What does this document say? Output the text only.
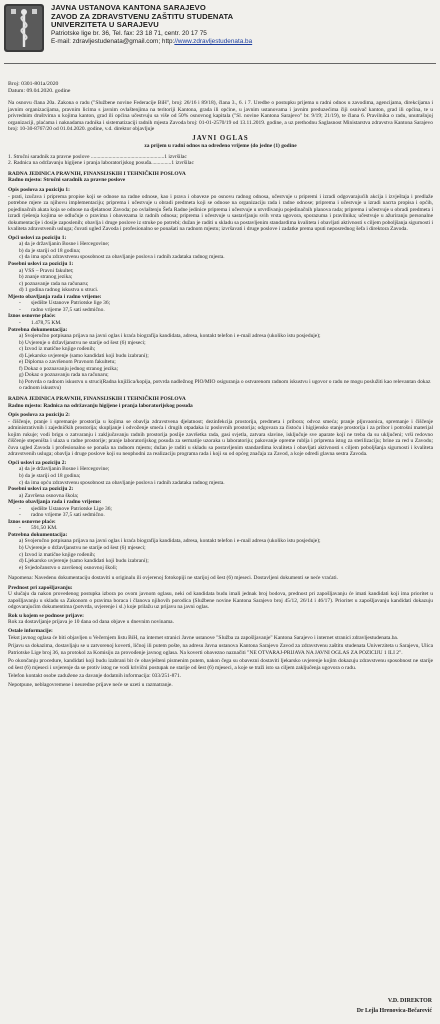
JAVNA USTANOVA KANTONA SARAJEVO
ZAVOD ZA ZDRAVSTVENU ZAŠTITU STUDENATA
UNIVERZITETA U SARAJEVU
Patriotske lige br. 36, Tel. fax: 23 18 71, centr. 20 17 75
E-mail: zdravljestudenata@gmail.com; http://www.zdravljestudenata.ba
Broj: 0301-801a/2020
Datum: 09.04.2020. godine
Na osnovu člana 20a. Zakona o radu ("Službene novine Federacije BiH", broj: 26/16 i 89/18), člana 3., 6. i 7. Uredbe o postupku prijema u radni odnos u zavodima, agencijama, direkcijama i javnim organizacijama, pravnim licima s javnim ovlaštenjima na teritoriji Kantona, grada ili općine, u javnim ustanovama i javnim preduzećima čiji osnivač kanton, grad ili općina, te u privrednim društvima u kojima kanton, grad ili općina učestvuju sa više od 50% osnovnog kapitala ("Sl. novine Kantona Sarajevo" br. 9/19; 21/19), te člana 6. Pravilnika o radu, unutrašnjoj organizaciji, plaćama i naknadama radnika i sistematizaciji radnih mjesta Zavoda broj: 01-01-2570/19 od 13.11.2019. godine, a uz prethodnu Saglasnost Ministarstva zdravstva Kantona Sarajevo broj: 10-30-8767/20 od 01.04.2020. godine, v.d. direktor objavljuje
JAVNI OGLAS
za prijem u radni odnos na određeno vrijeme (do jedne (1) godine
1. Stručni saradnik za pravne poslove ......................................................1 izvršilac
2. Radnica na održavanju higijene i pranja laboratorijskog posuđa...............1 izvršilac
RADNA JEDINICA PRAVNIH, FINANSIJSKIH I TEHNIČKIH POSLOVA
Radno mjesto: Stručni saradnik za pravne poslove
Opis poslova za poziciju 1:
- prati, izučava i priprema propise koji se odnose na radne odnose, kao i prava i obaveze po osnovu radnog odnosa, učestvuje u pripremi i izradi odgovarajućih akcija i izvještaja i predlaže potrebne mjere za njihovu implementaciju; priprema i učestvuje u obradi predmeta koji se odnose na organizaciju rada i radne odnose; priprema i učestvuje u izradi nacrta propisa i općih, pojedinačnih akata koja se odnose na djelatnost Zavoda; po ovlaštenju Šefa Radne jedinice priprema i učestvuje u utvrđivanju pojedinačnih planova rada; priprema i učestvuje u obradi predmeta i izradi rješenja kojima se odlučuje o pravima i obavezama iz radnih odnosa; priprema i učestvuje u sastavljanju svih vrsta ugovora, sporazuma i pravilnika; učestvuje u ažuriranju personalne dokumentacije i dosije zaposlenih; obavlja i druge poslove iz struke po potrebi; dužan je raditi u skladu sa postavljenim standardima kvaliteta i obavljati aktivnosti s ciljem poboljšanja sigurnosti i kvaliteta zdravstvenih usluga; čuvati ugled Zavoda i profesionalno se ponašati na radnom mjestu; izvršavati i druge poslove i zadatke prema uputi neposrednog šefa i direktora Zavoda.
Opći uslovi za poziciju 1:
a) da je državljanin Bosne i Hercegovine;
b) da je stariji od 18 godina;
c) da ima opću zdravstvenu sposobnost za obavljanje poslova i radnih zadataka radnog mjesta.
Posebni uslovi za poziciju 1:
a) VSS – Pravni fakultet;
b) znanje stranog jezika;
c) poznavanje rada na računaru;
d) 1 godina radnog iskustva u struci.
Mjesto obavljanja rada i radno vrijeme:
- sjedište Ustanove Patriotske lige 36;
- radno vrijeme 37,5 sati sedmično.
Iznos osnovne plaće:
- 1.478,75 KM.
Potrebna dokumentacija:
a) Svojeručno potpisana prijava na javni oglas i kraća biografija kandidata, adresa, kontakt telefon i e-mail adresa (ukoliko istu posjeduje);
b) Uvjerenje o državljanstvu ne starije od šest (6) mjeseci;
c) Izvod iz matične knjige rođenih;
d) Ljekarsko uvjerenje (samo kandidati koji budu izabrani);
e) Diploma o završenom Pravnom fakultetu;
f) Dokaz o poznavanju jednog stranog jezika;
g) Dokaz o poznavanju rada na računaru;
h) Potvrda o radnom iskustvu u struci(Radna knjižica/kopija, potvrda nadležnog PIO/MIO osiguranja o ostvarenom radnom iskustvu i ugovor o radu ne mogu poslužiti kao relevantan dokaz o radnom iskustvu)
RADNA JEDINICA PRAVNIH, FINANSIJSKIH I TEHNIČKIH POSLOVA
Radno mjesto: Radnica na održavanju higijene i pranja laboratorijskog posuđa
Opis poslova za poziciju 2:
- čiščenje, pranje i spremanje prostorija u kojima se obavlja zdravstvena djelatnost; dezinfekcija prostorija, predmeta i pribora; odvoz smeća; pranje pljuvaonica, spremanje i čiščenje administrativnih i zajedničkih prostorija; skupljanje i odvoženje smeća i drugih otpadaka iz poslovnih prostorija; odgovara za čistoću i higijensko stanje prostorija i za pribor i potrošni materijal kojim rukuje; vodi brigu o zatvaranju i zaključavanju radnih prostorija poslije završetka rada, gasi svjetla, zatvara slavine, isključuje sve aparate koji ne treba da su uključeni; vrši redovno čiščenje stepeništa i ulaza u radne prostorije; pranje laboratorijskog posuđa za sermatije uzoraka u laboratoriju; pakovanje opreme rublja i priprema istog za sterilizaciju; brine za red u Zavodu; čuva ugled Zavoda i profesionalno se ponaša na radnom mjestu; dužan je raditi u skladu sa postavljenim standardima kvaliteta i obavljati aktivnosti s ciljem poboljšanja sigurnosti i kvaliteta zdravstvenih usluga; obavlja i druge poslove koji su neophodni za realizaciju programa rada i koji su od općeg značaja za Zavod, a koje odredi glavna sestra Zavoda.
Opći uslovi za poziciju 2:
a) da je državljanin Bosne i Hercegovine;
b) da je stariji od 18 godina;
c) da ima opću zdravstvenu sposobnost za obavljanje poslova i radnih zadataka radnog mjesta.
Posebni uslovi za poziciju 2:
a) Završena osnovna škola;
Mjesto obavljanja rada i radno vrijeme:
- sjedište Ustanove Patriotske Lige 36;
- radno vrijeme 37,5 sati sedmično.
Iznos osnovne plaće:
- 591,50 KM.
Potrebna dokumentacija:
a) Svojeručno potpisana prijava na javni oglas i kraća biografija kandidata, adresa, kontakt telefon i e-mail adresa (ukoliko istu posjeduje);
b) Uvjerenje o državljanstvu ne starije od šest (6) mjeseci;
c) Izvod iz matične knjige rođenih;
d) Ljekarsko uvjerenje (samo kandidati koji budu izabrani);
e) Svjedočanstvo o završenoj osnovnoj školi;
Napomena: Navedenu dokumentaciju dostaviti u originalu ili ovjerenoj fotokopiji ne starijoj od šest (6) mjeseci. Dostavljeni dokumenti se neće vraćati.
Prednost pri zapošljavanju:
U slučaju da nakon provedenog postupka izbora po ovom javnom oglasu, neki od kandidata budu imali jednak broj bodova, prednost pri zapošljavanju će imati kandidati koji ima prioritet u zapošljavanju u skladu sa Zakonom o pravima boraca i članova njihovih porodica (Službene novine Kantona Sarajevo broj 45/12, 26/14 i 46/17). Prioritet u zapošljavanju kandidati dokazuju odgovarajućim dokumentima (potvrda, uvjerenje i sl.) koje prilažu uz prijavu na javni oglas.
Rok u kojem se podnose prijave:
Rok za dostavljanje prijava je 10 dana od dana objave u dnevnim novinama.
Ostale informacije:
Tekst javnog oglasa će biti objavljen u Večernjem listu BiH, na internet stranici Javne ustanove "Služba za zapošljavanje" Kantona Sarajevo i internet stranici zdravljestudenata.ba.
Prijavu sa dokazima, dostavljaju se u zatvorenoj koverti, ličnoj ili putem pošte, na adresu Javna ustanova Kantona Sarajevo Zavod za zdravstvenu zaštitu studenata Univerziteta u Sarajevu, Ulica Patriotske Lige broj 36, na protokol za Komisiju za provođenje javnog oglasa. Na koverti obavezno naznačiti "NE OTVARAJ-PRIJAVA NA JAVNI OGLAS ZA POZICIJU 1 ILI 2".
Po okončanju procedure, kandidati koji budu izabrani bit će obavješteni pismenim putem, nakon čega su obavezni dostaviti ljekarsko uvjerenje kojim dokazuju zdravstvenu sposobnost ne starije od šest (6) mjeseci i uvjerenje da se protiv istog ne vodi krivični postupak ne starije od šest (6) mjeseci, a koje se traži isto sa ciljem zaključenja ugovora o radu.
Telefon kontakt osobe zadužene za davanje dodatnih informacija: 033/251-871.
Nepotpune, neblagovremene i neuredne prijave neće se uzeti u razmatranje.
V.D. DIREKTOR
Dr Lejla Hrenovica-Bečarević
